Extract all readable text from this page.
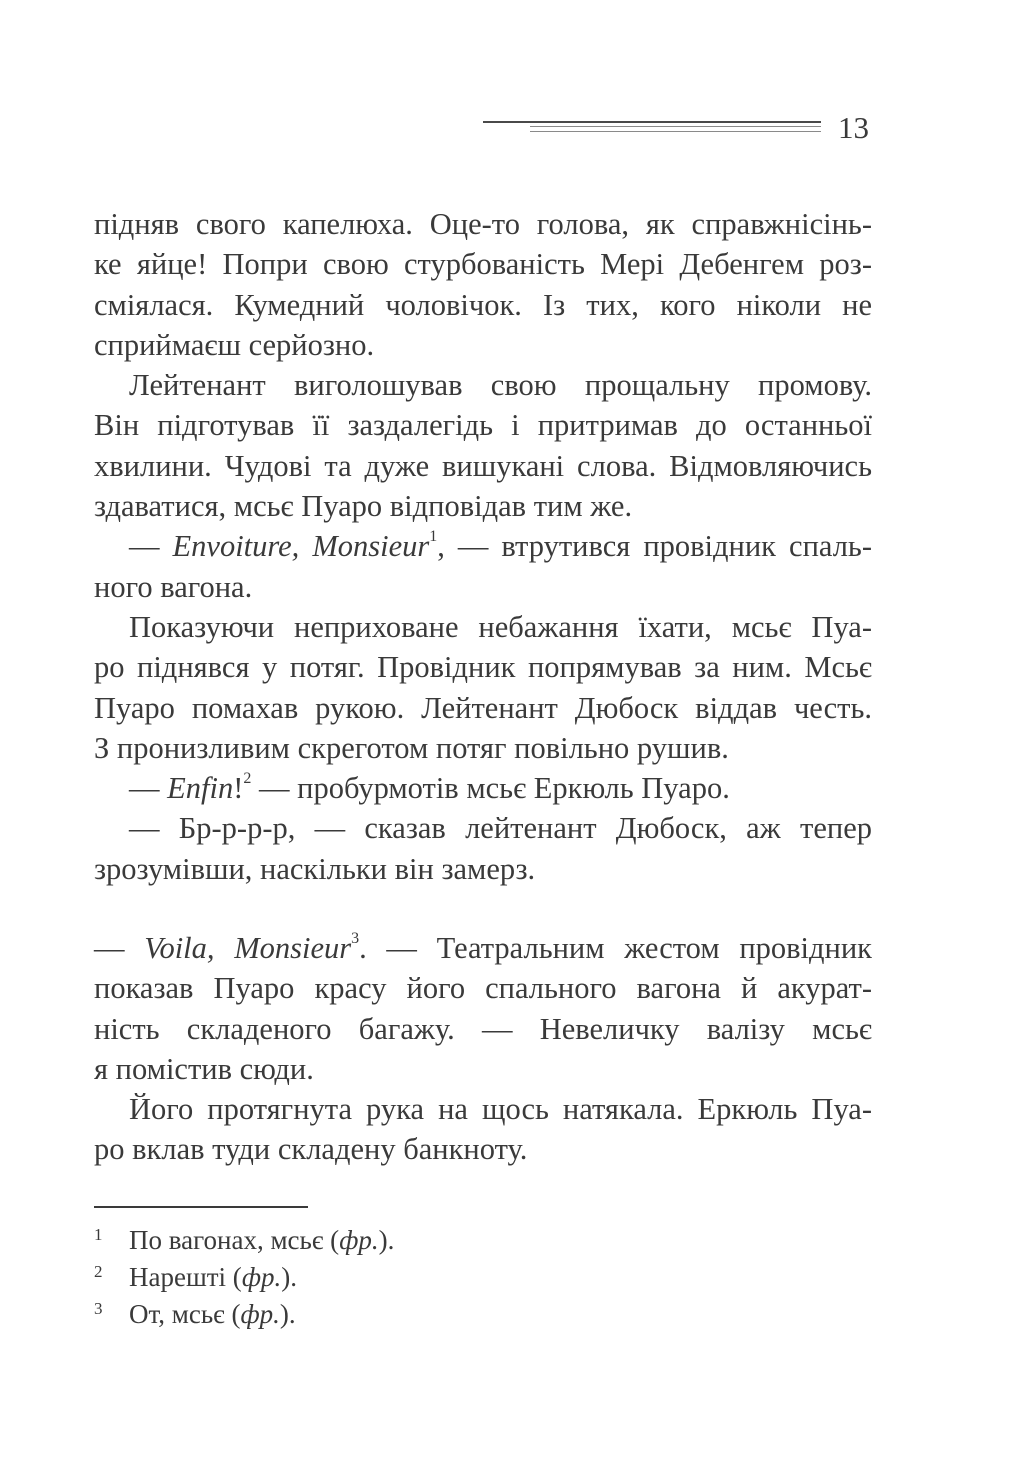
13
підняв свого капелюха. Оце-то голова, як справжнісінь-
ке яйце! Попри свою стурбованість Мері Дебенгем роз-
сміялася. Кумедний чоловічок. Із тих, кого ніколи не
сприймаєш серйозно.
Лейтенант виголошував свою прощальну промову.
Він підготував її заздалегідь і притримав до останньої
хвилини. Чудові та дуже вишукані слова. Відмовляючись
здаватися, мсьє Пуаро відповідав тим же.
— Envoiture, Monsieur$^1$, — втрутився провідник спаль-
ного вагона.
Показуючи неприховане небажання їхати, мсьє Пуа-
ро піднявся у потяг. Провідник попрямував за ним. Мсьє
Пуаро помахав рукою. Лейтенант Дюбоск віддав честь.
З пронизливим скреготом потяг повільно рушив.
— Enfin!$^2$ — пробурмотів мсьє Еркюль Пуаро.
— Бр-р-р-р, — сказав лейтенант Дюбоск, аж тепер
зрозумівши, наскільки він замерз.
— Voila, Monsieur$^3$. — Театральним жестом провідник
показав Пуаро красу його спального вагона й акурат-
ність складеного багажу. — Невеличку валізу мсьє
я помістив сюди.
Його протягнута рука на щось натякала. Еркюль Пуа-
ро вклав туди складену банкноту.
1 По вагонах, мсьє (фр.).
2 Нарешті (фр.).
3 От, мсьє (фр.).
